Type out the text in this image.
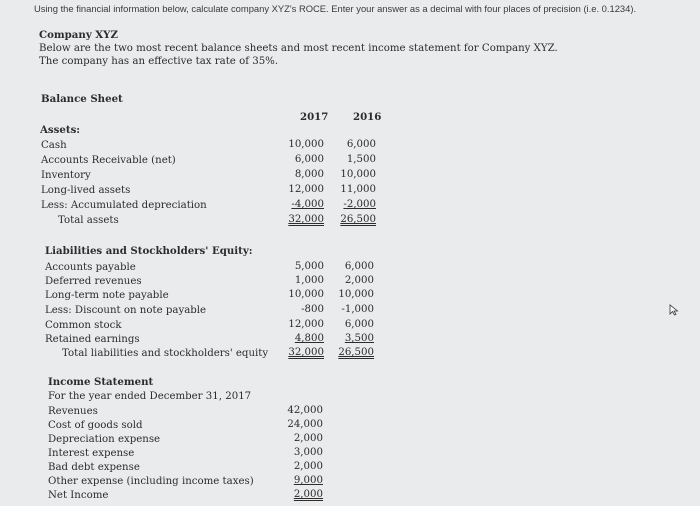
Using the financial information below, calculate company XYZ's ROCE. Enter your answer as a decimal with four places of precision (i.e. 0.1234).
Company XYZ
Below are the two most recent balance sheets and most recent income statement for Company XYZ.
The company has an effective tax rate of 35%.
Balance Sheet
2017 2016
Assets:
Cash	10,000	6,000
Accounts Receivable (net)	6,000	1,500
Inventory	8,000	10,000
Long-lived assets	12,000	11,000
Less: Accumulated depreciation	-4,000	-2,000
Total assets	32,000	26,500
Liabilities and Stockholders' Equity:
Accounts payable	5,000	6,000
Deferred revenues	1,000	2,000
Long-term note payable	10,000	10,000
Less: Discount on note payable	-800	-1,000
Common stock	12,000	6,000
Retained earnings	4,800	3,500
Total liabilities and stockholders' equity	32,000	26,500
Income Statement
For the year ended December 31, 2017
Revenues	42,000
Cost of goods sold	24,000
Depreciation expense	2,000
Interest expense	3,000
Bad debt expense	2,000
Other expense (including income taxes)	9,000
Net Income	2,000
